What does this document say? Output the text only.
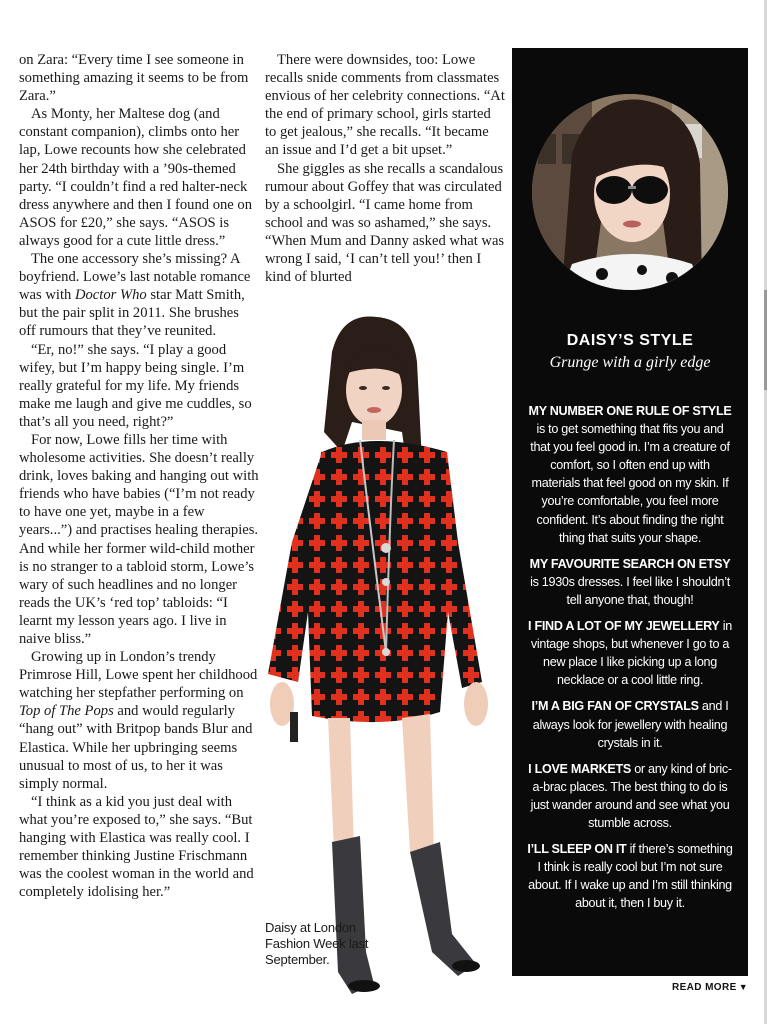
on Zara: “Every time I see someone in something amazing it seems to be from Zara.”

As Monty, her Maltese dog (and constant companion), climbs onto her lap, Lowe recounts how she celebrated her 24th birthday with a ’90s-themed party. “I couldn’t find a red halter-neck dress anywhere and then I found one on ASOS for £20,” she says. “ASOS is always good for a cute little dress.”

The one accessory she’s missing? A boyfriend. Lowe’s last notable romance was with Doctor Who star Matt Smith, but the pair split in 2011. She brushes off rumours that they’ve reunited.

“Er, no!” she says. “I play a good wifey, but I’m happy being single. I’m really grateful for my life. My friends make me laugh and give me cuddles, so that’s all you need, right?”

For now, Lowe fills her time with wholesome activities. She doesn’t really drink, loves baking and hanging out with friends who have babies (“I’m not ready to have one yet, maybe in a few years...”) and practises healing therapies. And while her former wild-child mother is no stranger to a tabloid storm, Lowe’s wary of such headlines and no longer reads the UK’s ‘red top’ tabloids: “I learnt my lesson years ago. I live in naive bliss.”

Growing up in London’s trendy Primrose Hill, Lowe spent her childhood watching her stepfather performing on Top of The Pops and would regularly “hang out” with Britpop bands Blur and Elastica. While her upbringing seems unusual to most of us, to her it was simply normal.

“I think as a kid you just deal with what you’re exposed to,” she says. “But hanging with Elastica was really cool. I remember thinking Justine Frischmann was the coolest woman in the world and completely idolising her.”

There were downsides, too: Lowe recalls snide comments from classmates envious of her celebrity connections. “At the end of primary school, girls started to get jealous,” she recalls. “It became an issue and I’d get a bit upset.”

She giggles as she recalls a scandalous rumour about Goffey that was circulated by a schoolgirl. “I came home from school and was so ashamed,” she says. “When Mum and Danny asked what was wrong I said, ‘I can’t tell you!’ then I kind of blurted

Daisy at London Fashion Week last September.
DAISY’S STYLE
Grunge with a girly edge

MY NUMBER ONE RULE OF STYLE is to get something that fits you and that you feel good in. I’m a creature of comfort, so I often end up with materials that feel good on my skin. If you’re comfortable, you feel more confident. It’s about finding the right thing that suits your shape.

MY FAVOURITE SEARCH ON ETSY is 1930s dresses. I feel like I shouldn’t tell anyone that, though!

I FIND A LOT OF MY JEWELLERY in vintage shops, but whenever I go to a new place I like picking up a long necklace or a cool little ring.

I’M A BIG FAN OF CRYSTALS and I always look for jewellery with healing crystals in it.

I LOVE MARKETS or any kind of bric-a-brac places. The best thing to do is just wander around and see what you stumble across.

I’LL SLEEP ON IT if there’s something I think is really cool but I’m not sure about. If I wake up and I’m still thinking about it, then I buy it.

READ MORE ▼
